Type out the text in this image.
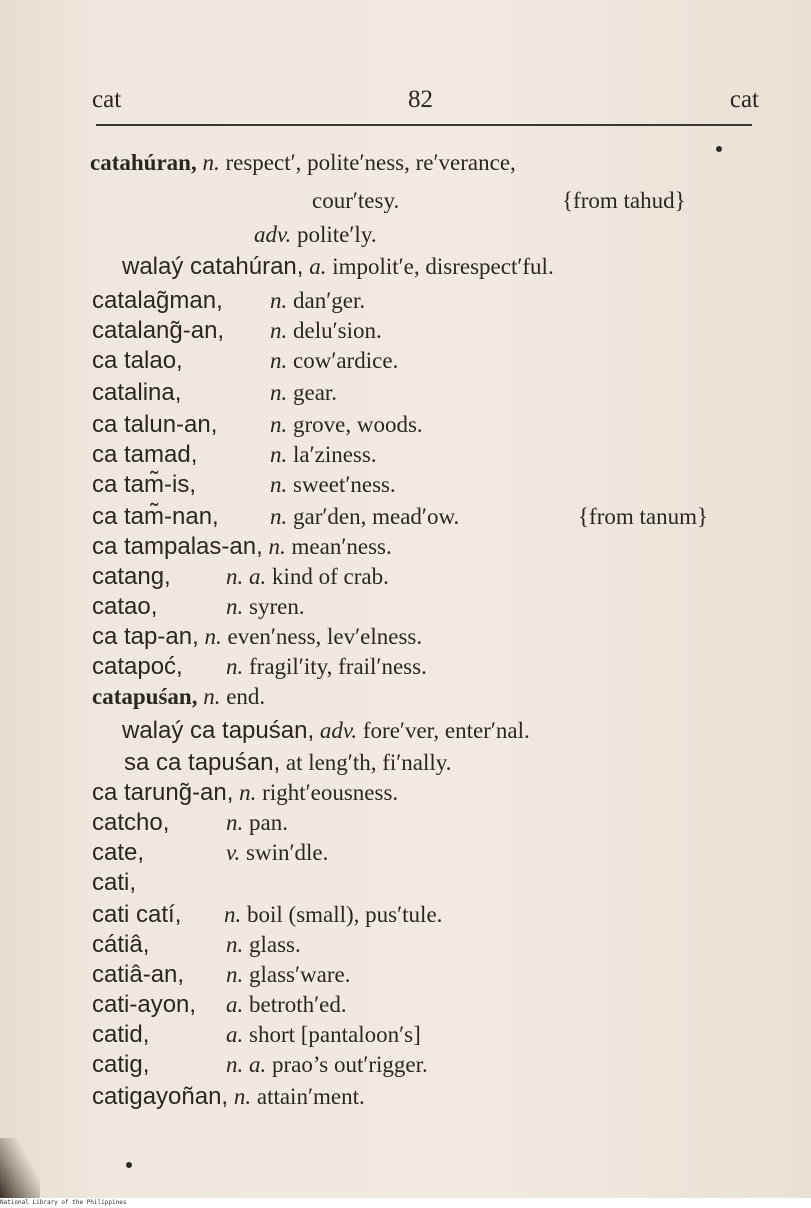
cat	82	cat
catahúran, n. respect′, polite′ness, re′verance,
cour′tesy.	{from tahud}
adv. polite′ly.
walaý catahúran, a. impolit′e, disrespect′ful.
catalag̃man, n. dan′ger.
catalang̃-an, n. delu′sion.
ca talao,	n. cow′ardice.
catalina,	n. gear.
ca talun-an, n. grove, woods.
ca tamad,	n. la′ziness.
ca tam̃-is,	n. sweet′ness.
ca tam̃-nan, n. gar′den, mead′ow.	{from tanum}
ca tampalas-an, n. mean′ness.
catang, n. a. kind of crab.
catao,	n. syren.
ca tap-an, n. even′ness, lev′elness.
catapoć, n. fragil′ity, frail′ness.
catapuśan, n. end.
walaý ca tapuśan, adv. fore′ver, enter′nal.
sa ca tapuśan, at leng′th, fi′nally.
ca tarung̃-an, n. right′eousness.
catcho, n. pan.
cate,	v. swin′dle.
cati,
cati catí, n. boil (small), pus′tule.
cátiâ,	n. glass.
catiâ-an, n. glass′ware.
cati-ayon, a. betroth′ed.
catid,	a. short [pantaloon′s]
catig,	n. a. prao’s out′rigger.
catigayoñan, n. attain′ment.
National Library of the Philippines
